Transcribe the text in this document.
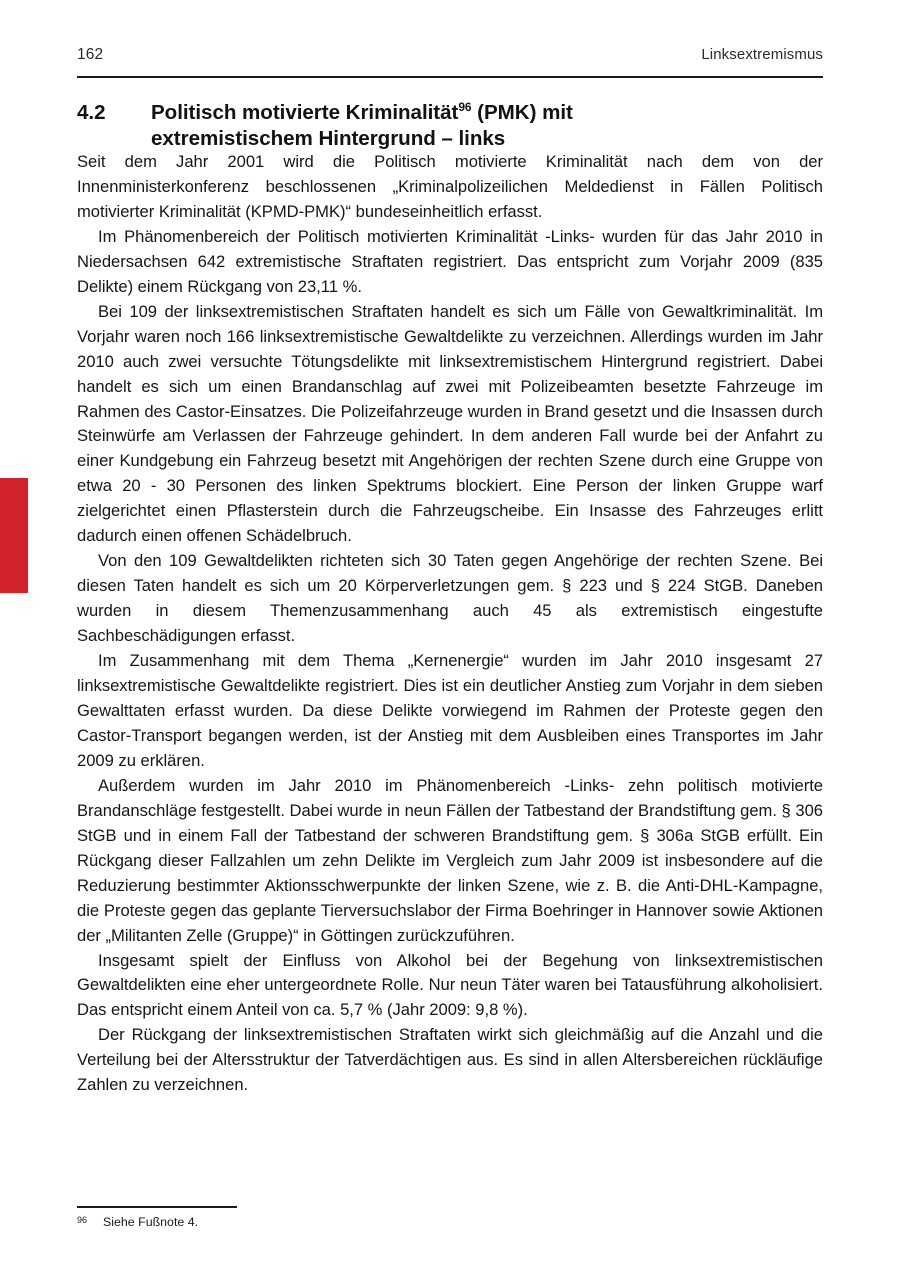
162	Linksextremismus
4.2	Politisch motivierte Kriminalität$^{96}$ (PMK) mit
extremistischem Hintergrund – links

Seit dem Jahr 2001 wird die Politisch motivierte Kriminalität nach dem von der Innenministerkonferenz beschlossenen „Kriminalpolizeilichen Meldedienst in Fällen Politisch motivierter Kriminalität (KPMD-PMK)“ bundeseinheitlich erfasst.

Im Phänomenbereich der Politisch motivierten Kriminalität -Links- wurden für das Jahr 2010 in Niedersachsen 642 extremistische Straftaten registriert. Das entspricht zum Vorjahr 2009 (835 Delikte) einem Rückgang von 23,11 %.

Bei 109 der linksextremistischen Straftaten handelt es sich um Fälle von Gewaltkriminalität. Im Vorjahr waren noch 166 linksextremistische Gewaltdelikte zu verzeichnen. Allerdings wurden im Jahr 2010 auch zwei versuchte Tötungsdelikte mit linksextremistischem Hintergrund registriert. Dabei handelt es sich um einen Brandanschlag auf zwei mit Polizeibeamten besetzte Fahrzeuge im Rahmen des Castor-Einsatzes. Die Polizeifahrzeuge wurden in Brand gesetzt und die Insassen durch Steinwürfe am Verlassen der Fahrzeuge gehindert. In dem anderen Fall wurde bei der Anfahrt zu einer Kundgebung ein Fahrzeug besetzt mit Angehörigen der rechten Szene durch eine Gruppe von etwa 20 - 30 Personen des linken Spektrums blockiert. Eine Person der linken Gruppe warf zielgerichtet einen Pflasterstein durch die Fahrzeugscheibe. Ein Insasse des Fahrzeuges erlitt dadurch einen offenen Schädelbruch.

Von den 109 Gewaltdelikten richteten sich 30 Taten gegen Angehörige der rechten Szene. Bei diesen Taten handelt es sich um 20 Körperverletzungen gem. § 223 und § 224 StGB. Daneben wurden in diesem Themenzusammenhang auch 45 als extremistisch eingestufte Sachbeschädigungen erfasst.

Im Zusammenhang mit dem Thema „Kernenergie“ wurden im Jahr 2010 insgesamt 27 linksextremistische Gewaltdelikte registriert. Dies ist ein deutlicher Anstieg zum Vorjahr in dem sieben Gewalttaten erfasst wurden. Da diese Delikte vorwiegend im Rahmen der Proteste gegen den Castor-Transport begangen werden, ist der Anstieg mit dem Ausbleiben eines Transportes im Jahr 2009 zu erklären.

Außerdem wurden im Jahr 2010 im Phänomenbereich -Links- zehn politisch motivierte Brandanschläge festgestellt. Dabei wurde in neun Fällen der Tatbestand der Brandstiftung gem. § 306 StGB und in einem Fall der Tatbestand der schweren Brandstiftung gem. § 306a StGB erfüllt. Ein Rückgang dieser Fallzahlen um zehn Delikte im Vergleich zum Jahr 2009 ist insbesondere auf die Reduzierung bestimmter Aktionsschwerpunkte der linken Szene, wie z. B. die Anti-DHL-Kampagne, die Proteste gegen das geplante Tierversuchslabor der Firma Boehringer in Hannover sowie Aktionen der „Militanten Zelle (Gruppe)“ in Göttingen zurückzuführen.

Insgesamt spielt der Einfluss von Alkohol bei der Begehung von linksextremistischen Gewaltdelikten eine eher untergeordnete Rolle. Nur neun Täter waren bei Tatausführung alkoholisiert. Das entspricht einem Anteil von ca. 5,7 % (Jahr 2009: 9,8 %).

Der Rückgang der linksextremistischen Straftaten wirkt sich gleichmäßig auf die Anzahl und die Verteilung bei der Altersstruktur der Tatverdächtigen aus. Es sind in allen Altersbereichen rückläufige Zahlen zu verzeichnen.

96	Siehe Fußnote 4.
